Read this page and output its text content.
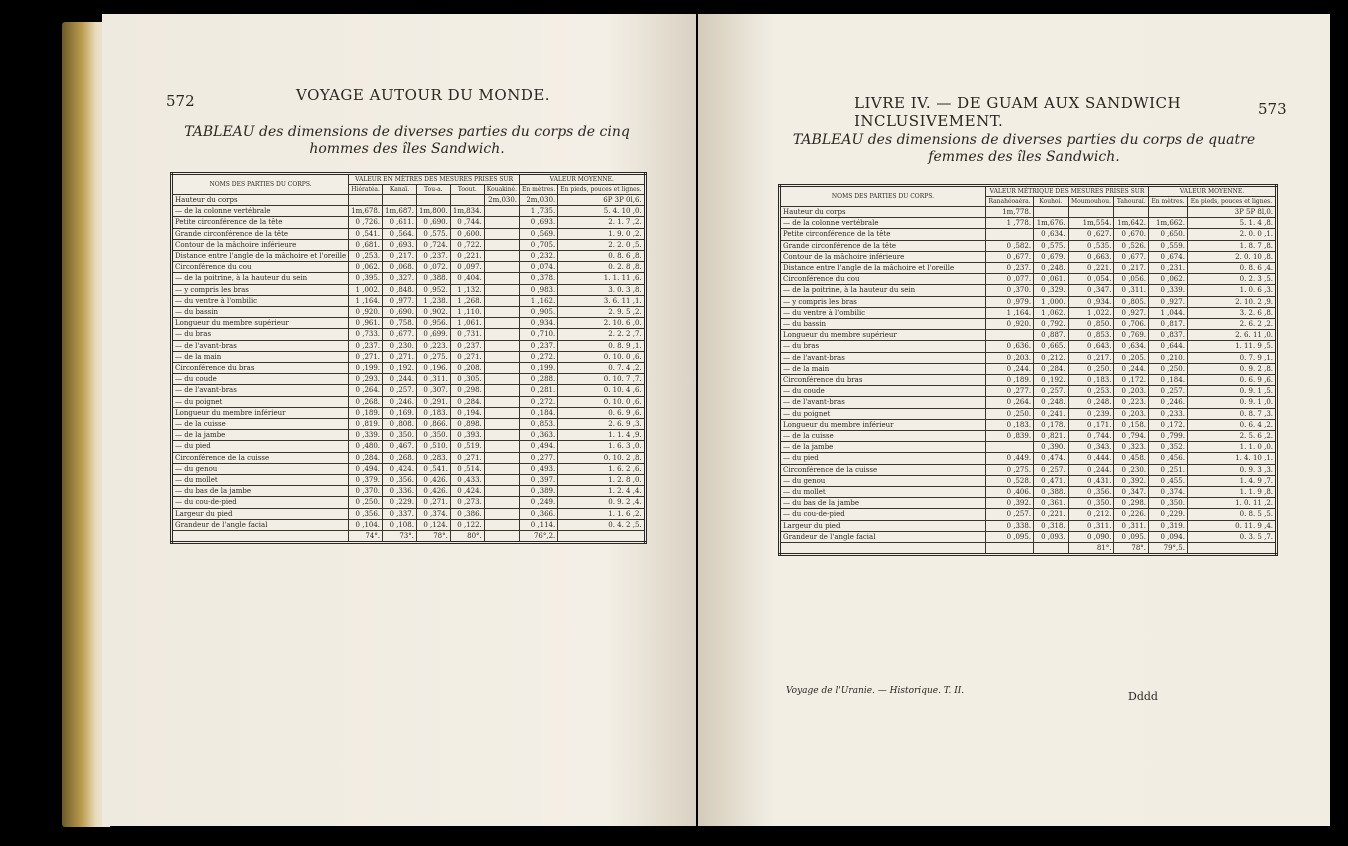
572	VOYAGE AUTOUR DU MONDE.
TABLEAU des dimensions de diverses parties du corps de cinq hommes des îles Sandwich.
NOMS DES PARTIES DU CORPS.	VALEUR EN MÈTRES DES MESURES PRISES SUR					VALEUR MOYENNE.	
	Hiératéa.	Kanaï.	Tou-a.	Toout.	Kouakiné.	En mètres.	En pieds, pouces et lignes.
Hauteur du corps					2m,030.	2m,030.	6P 3P 0l,6.
— de la colonne vertébrale	1m,678.	1m,687.	1m,800.	1m,834.		1 ,735.	5. 4. 10 ,0.
Petite circonférence de la tête	0 ,726.	0 ,611.	0 ,690.	0 ,744.		0 ,693.	2. 1. 7 ,2.
Grande circonférence de la tête	0 ,541.	0 ,564.	0 ,575.	0 ,600.		0 ,569.	1. 9. 0 ,2.
Contour de la mâchoire inférieure	0 ,681.	0 ,693.	0 ,724.	0 ,722.		0 ,705.	2. 2. 0 ,5.
Distance entre l'angle de la mâchoire et l'oreille	0 ,253.	0 ,217.	0 ,237.	0 ,221.		0 ,232.	0. 8. 6 ,8.
Circonférence du cou	0 ,062.	0 ,068.	0 ,072.	0 ,097.		0 ,074.	0. 2. 8 ,8.
— de la poitrine, à la hauteur du sein	0 ,395.	0 ,327.	0 ,388.	0 ,404.		0 ,378.	1. 1. 11 ,6.
— y compris les bras	1 ,002.	0 ,848.	0 ,952.	1 ,132.		0 ,983.	3. 0. 3 ,8.
— du ventre à l'ombilic	1 ,164.	0 ,977.	1 ,238.	1 ,268.		1 ,162.	3. 6. 11 ,1.
— du bassin	0 ,920.	0 ,690.	0 ,902.	1 ,110.		0 ,905.	2. 9. 5 ,2.
Longueur du membre supérieur	0 ,961.	0 ,758.	0 ,956.	1 ,061.		0 ,934.	2. 10. 6 ,0.
— du bras	0 ,733.	0 ,677.	0 ,699.	0 ,731.		0 ,710.	2. 2. 2 ,7.
— de l'avant-bras	0 ,237.	0 ,230.	0 ,223.	0 ,237.		0 ,237.	0. 8. 9 ,1.
— de la main	0 ,271.	0 ,271.	0 ,275.	0 ,271.		0 ,272.	0. 10. 0 ,6.
Circonférence du bras	0 ,199.	0 ,192.	0 ,196.	0 ,208.		0 ,199.	0. 7. 4 ,2.
— du coude	0 ,293.	0 ,244.	0 ,311.	0 ,305.		0 ,288.	0. 10. 7 ,7.
— de l'avant-bras	0 ,264.	0 ,257.	0 ,307.	0 ,298.		0 ,281.	0. 10. 4 ,6.
— du poignet	0 ,268.	0 ,246.	0 ,291.	0 ,284.		0 ,272.	0. 10. 0 ,6.
Longueur du membre inférieur	0 ,189.	0 ,169.	0 ,183.	0 ,194.		0 ,184.	0. 6. 9 ,6.
— de la cuisse	0 ,819.	0 ,808.	0 ,866.	0 ,898.		0 ,853.	2. 6. 9 ,3.
— de la jambe	0 ,339.	0 ,350.	0 ,350.	0 ,393.		0 ,363.	1. 1. 4 ,9.
— du pied	0 ,480.	0 ,467.	0 ,510.	0 ,519.		0 ,494.	1. 6. 3 ,0.
Circonférence de la cuisse	0 ,284.	0 ,268.	0 ,283.	0 ,271.		0 ,277.	0. 10. 2 ,8.
— du genou	0 ,494.	0 ,424.	0 ,541.	0 ,514.		0 ,493.	1. 6. 2 ,6.
— du mollet	0 ,379.	0 ,356.	0 ,426.	0 ,433.		0 ,397.	1. 2. 8 ,0.
— du bas de la jambe	0 ,370.	0 ,336.	0 ,426.	0 ,424.		0 ,389.	1. 2. 4 ,4.
— du cou-de-pied	0 ,250.	0 ,229.	0 ,271.	0 ,273.		0 ,249.	0. 9. 2 ,4.
Largeur du pied	0 ,356.	0 ,337.	0 ,374.	0 ,386.		0 ,366.	1. 1. 6 ,2.
Grandeur de l'angle facial	0 ,104.	0 ,108.	0 ,124.	0 ,122.		0 ,114.	0. 4. 2 ,5.
	74°.	73°.	78°.	80°.		76°,2.	
LIVRE IV. — DE GUAM AUX SANDWICH INCLUSIVEMENT.
573
TABLEAU des dimensions de diverses parties du corps de quatre femmes des îles Sandwich.
NOMS DES PARTIES DU CORPS.	VALEUR MÉTRIQUE DES MESURES PRISES SUR				VALEUR MOYENNE.	
	Ranahéoaéra.	Kouhoi.	Moumouhou.	Tahouraï.	En mètres.	En pieds, pouces et lignes.
Hauteur du corps	1m,778.					3P 5P 8l,0.
— de la colonne vertébrale	1 ,778.	1m,676.	1m,554.	1m,642.	1m,662.	5. 1. 4 ,8.
Petite circonférence de la tête		0 ,634.	0 ,627.	0 ,670.	0 ,650.	2. 0. 0 ,1.
Grande circonférence de la tête	0 ,582.	0 ,575.	0 ,535.	0 ,526.	0 ,559.	1. 8. 7 ,8.
Contour de la mâchoire inférieure	0 ,677.	0 ,679.	0 ,663.	0 ,677.	0 ,674.	2. 0. 10 ,8.
Distance entre l'angle de la mâchoire et l'oreille	0 ,237.	0 ,248.	0 ,221.	0 ,217.	0 ,231.	0. 8. 6 ,4.
Circonférence du cou	0 ,077.	0 ,061.	0 ,054.	0 ,056.	0 ,062.	0. 2. 3 ,5.
— de la poitrine, à la hauteur du sein	0 ,370.	0 ,329.	0 ,347.	0 ,311.	0 ,339.	1. 0. 6 ,3.
— y compris les bras	0 ,979.	1 ,000.	0 ,934.	0 ,805.	0 ,927.	2. 10. 2 ,9.
— du ventre à l'ombilic	1 ,164.	1 ,062.	1 ,022.	0 ,927.	1 ,044.	3. 2. 6 ,8.
— du bassin	0 ,920.	0 ,792.	0 ,850.	0 ,706.	0 ,817.	2. 6. 2 ,2.
Longueur du membre supérieur		0 ,887.	0 ,853.	0 ,769.	0 ,837.	2. 6. 11 ,0.
— du bras	0 ,636.	0 ,665.	0 ,643.	0 ,634.	0 ,644.	1. 11. 9 ,5.
— de l'avant-bras	0 ,203.	0 ,212.	0 ,217.	0 ,205.	0 ,210.	0. 7. 9 ,1.
— de la main	0 ,244.	0 ,284.	0 ,250.	0 ,244.	0 ,250.	0. 9. 2 ,8.
Circonférence du bras	0 ,189.	0 ,192.	0 ,183.	0 ,172.	0 ,184.	0. 6. 9 ,6.
— du coude	0 ,277.	0 ,257.	0 ,253.	0 ,203.	0 ,257.	0. 9. 1 ,5.
— de l'avant-bras	0 ,264.	0 ,248.	0 ,248.	0 ,223.	0 ,246.	0. 9. 1 ,0.
— du poignet	0 ,250.	0 ,241.	0 ,239.	0 ,203.	0 ,233.	0. 8. 7 ,3.
Longueur du membre inférieur	0 ,183.	0 ,178.	0 ,171.	0 ,158.	0 ,172.	0. 6. 4 ,2.
— de la cuisse	0 ,839.	0 ,821.	0 ,744.	0 ,794.	0 ,799.	2. 5. 6 ,2.
— de la jambe		0 ,390.	0 ,343.	0 ,323.	0 ,352.	1. 1. 0 ,0.
— du pied	0 ,449.	0 ,474.	0 ,444.	0 ,458.	0 ,456.	1. 4. 10 ,1.
Circonférence de la cuisse	0 ,275.	0 ,257.	0 ,244.	0 ,230.	0 ,251.	0. 9. 3 ,3.
— du genou	0 ,528.	0 ,471.	0 ,431.	0 ,392.	0 ,455.	1. 4. 9 ,7.
— du mollet	0 ,406.	0 ,388.	0 ,356.	0 ,347.	0 ,374.	1. 1. 9 ,8.
— du bas de la jambe	0 ,392.	0 ,361.	0 ,350.	0 ,298.	0 ,350.	1. 0. 11 ,2.
— du cou-de-pied	0 ,257.	0 ,221.	0 ,212.	0 ,226.	0 ,229.	0. 8. 5 ,5.
Largeur du pied	0 ,338.	0 ,318.	0 ,311.	0 ,311.	0 ,319.	0. 11. 9 ,4.
Grandeur de l'angle facial	0 ,095.	0 ,093.	0 ,090.	0 ,095.	0 ,094.	0. 3. 5 ,7.
			81°.	78°.	79°,5.	
Voyage de l'Uranie. — Historique. T. II.	Dddd
